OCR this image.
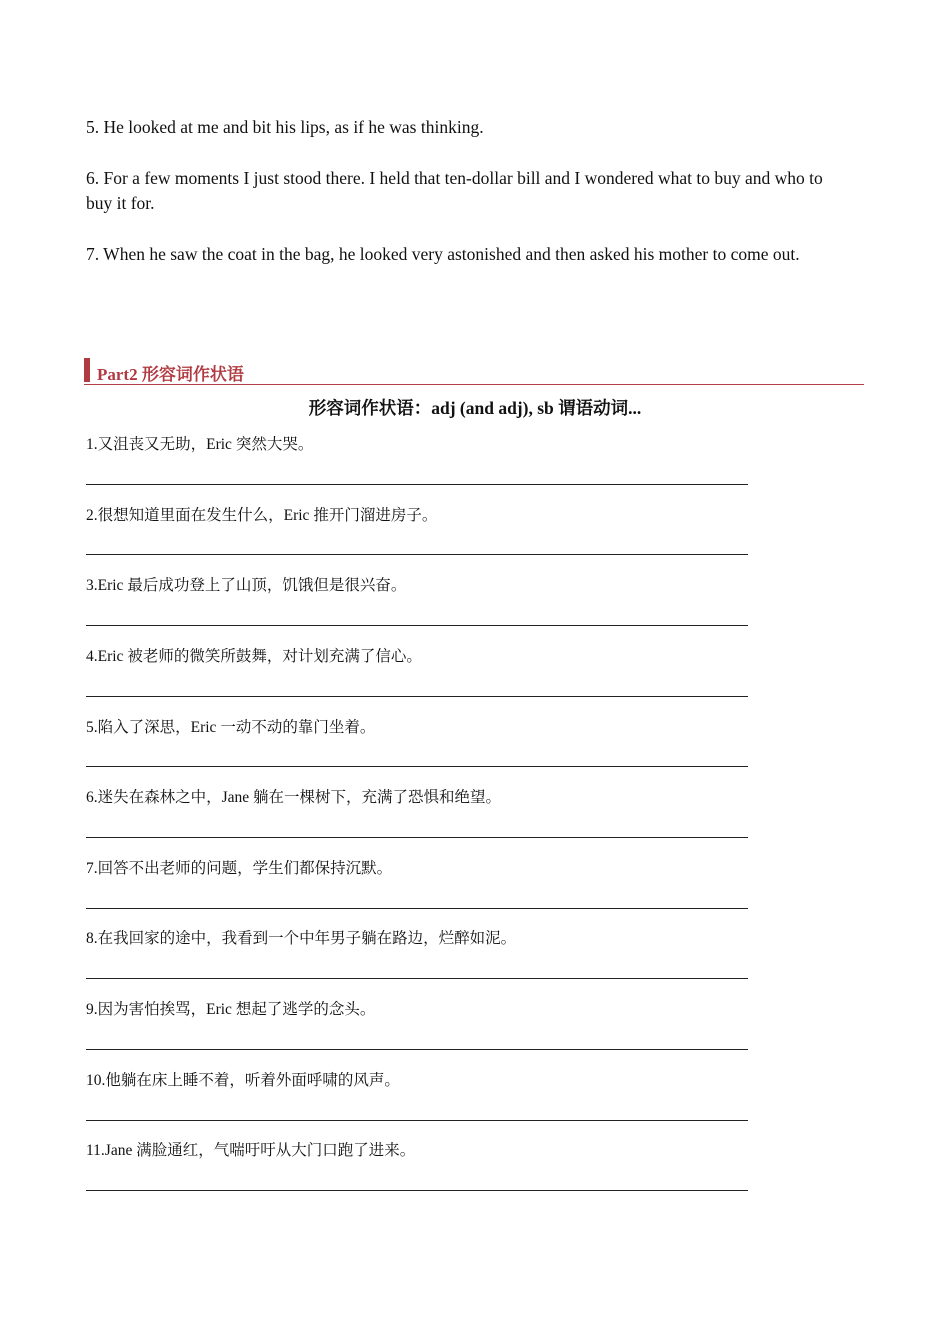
5. He looked at me and bit his lips, as if he was thinking.

6. For a few moments I just stood there. I held that ten-dollar bill and I wondered what to buy and who to buy it for.

7. When he saw the coat in the bag, he looked very astonished and then asked his mother to come out.

Part2 形容词作状语

形容词作状语：adj (and adj), sb 谓语动词...

1.又沮丧又无助，Eric 突然大哭。

2.很想知道里面在发生什么，Eric 推开门溜进房子。

3.Eric 最后成功登上了山顶，饥饿但是很兴奋。

4.Eric 被老师的微笑所鼓舞，对计划充满了信心。

5.陷入了深思，Eric 一动不动的靠门坐着。

6.迷失在森林之中，Jane 躺在一棵树下，充满了恐惧和绝望。

7.回答不出老师的问题，学生们都保持沉默。

8.在我回家的途中，我看到一个中年男子躺在路边，烂醉如泥。

9.因为害怕挨骂，Eric 想起了逃学的念头。

10.他躺在床上睡不着，听着外面呼啸的风声。

11.Jane 满脸通红，气喘吁吁从大门口跑了进来。
